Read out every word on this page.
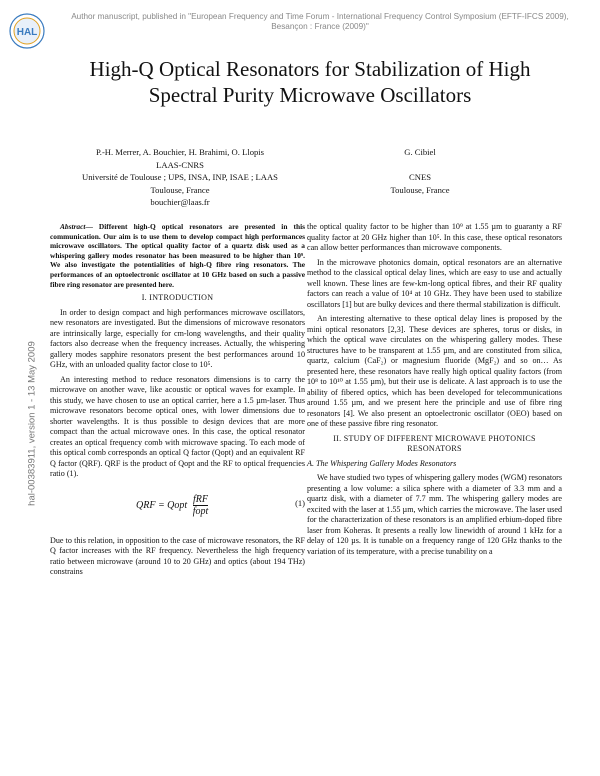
Author manuscript, published in "European Frequency and Time Forum - International Frequency Control Symposium (EFTF-IFCS 2009), Besançon : France (2009)"
HAL
hal-00383911, version 1 - 13 May 2009
High-Q Optical Resonators for Stabilization of High
Spectral Purity Microwave Oscillators
P.-H. Merrer, A. Bouchier, H. Brahimi, O. Llopis
LAAS-CNRS
Université de Toulouse ; UPS, INSA, INP, ISAE ; LAAS
Toulouse, France
bouchier@laas.fr
G. Cibiel
CNES
Toulouse, France

Abstract— Different high-Q optical resonators are presented in this communication. Our aim is to use them to develop compact high performances microwave oscillators. The optical quality factor of a quartz disk used as a whispering gallery modes resonator has been measured to be higher than 10⁹. We also investigate the potentialities of high-Q fibre ring resonators. The performances of an optoelectronic oscillator at 10 GHz based on such a passive fibre ring resonator are presented here.

I. INTRODUCTION

In order to design compact and high performances microwave oscillators, new resonators are investigated. But the dimensions of microwave resonators are intrinsically large, especially for cm-long wavelengths, and their quality factors also decrease when the frequency increases. Actually, the whispering gallery modes sapphire resonators present the best performances around 10 GHz, with an unloaded quality factor close to 10⁵.

An interesting method to reduce resonators dimensions is to carry the microwave on another wave, like acoustic or optical waves for example. In this study, we have chosen to use an optical carrier, here a 1.5 µm-laser. Thus microwave resonators become optical ones, with lower dimensions due to shorter wavelengths. It is thus possible to design devices that are more compact than the actual microwave ones. In this case, the optical resonator creates an optical frequency comb with microwave spacing. To each mode of this optical comb corresponds an optical Q factor (Qopt) and an equivalent RF Q factor (QRF). QRF is the product of Qopt and the RF to optical frequencies ratio (1).

QRF = Qopt $\frac{\text{fRF}}{\text{fopt}}$	(1)

Due to this relation, in opposition to the case of microwave resonators, the RF Q factor increases with the RF frequency. Nevertheless the high frequency ratio between microwave (around 10 to 20 GHz) and optics (about 194 THz) constrains

the optical quality factor to be higher than 10⁹ at 1.55 µm to guaranty a RF quality factor at 20 GHz higher than 10⁵. In this case, these optical resonators can allow better performances than microwave components.

In the microwave photonics domain, optical resonators are an alternative method to the classical optical delay lines, which are easy to use and actually well known. These lines are few-km-long optical fibres, and their RF quality factors can reach a value of 10⁴ at 10 GHz. They have been used to stabilize oscillators [1] but are bulky devices and there thermal stabilization is difficult.

An interesting alternative to these optical delay lines is proposed by the mini optical resonators [2,3]. These devices are spheres, torus or disks, in which the optical wave circulates on the whispering gallery modes. These structures have to be transparent at 1.55 µm, and are constituted from silica, quartz, calcium (CaF₂) or magnesium fluoride (MgF₂) and so on… As presented here, these resonators have really high optical quality factors (from 10⁸ to 10¹⁰ at 1.55 µm), but their use is delicate. A last approach is to use the ability of fibered optics, which has been developed for telecommunications around 1.55 µm, and we present here the principle and use of fibre ring resonators [4]. We also present an optoelectronic oscillator (OEO) based on one of these passive fibre ring resonator.

II. STUDY OF DIFFERENT MICROWAVE PHOTONICS

RESONATORS

A. The Whispering Gallery Modes Resonators

We have studied two types of whispering gallery modes (WGM) resonators presenting a low volume: a silica sphere with a diameter of 3.3 mm and a quartz disk, with a diameter of 7.7 mm. The whispering gallery modes are excited with the laser at 1.55 µm, which carries the microwave. The laser used for the characterization of these resonators is an amplified erbium-doped fibre laser from Koheras. It presents a really low linewidth of around 1 kHz for a delay of 120 µs. It is tunable on a frequency range of 120 GHz thanks to the variation of its temperature, with a precise tunability on a
